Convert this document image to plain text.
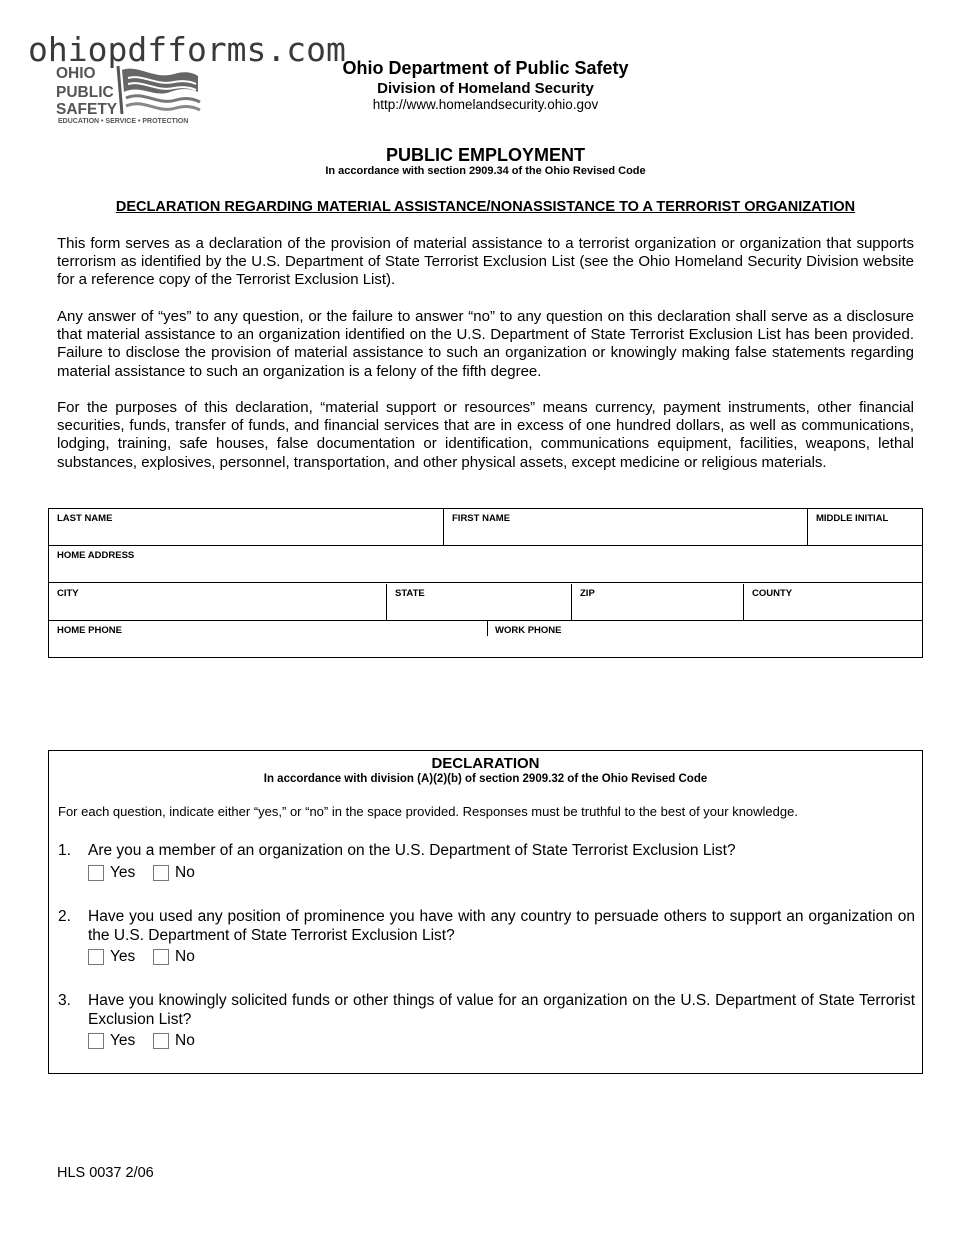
ohiopdfforms.com
OHIO
PUBLIC
SAFETY
EDUCATION • SERVICE • PROTECTION
Ohio Department of Public Safety
Division of Homeland Security
http://www.homelandsecurity.ohio.gov
PUBLIC EMPLOYMENT
In accordance with section 2909.34 of the Ohio Revised Code
DECLARATION REGARDING MATERIAL ASSISTANCE/NONASSISTANCE TO A TERRORIST ORGANIZATION

This form serves as a declaration of the provision of material assistance to a terrorist organization or organization that supports terrorism as identified by the U.S. Department of State Terrorist Exclusion List (see the Ohio Homeland Security Division website for a reference copy of the Terrorist Exclusion List).

Any answer of “yes” to any question, or the failure to answer “no” to any question on this declaration shall serve as a disclosure that material assistance to an organization identified on the U.S. Department of State Terrorist Exclusion List has been provided. Failure to disclose the provision of material assistance to such an organization or knowingly making false statements regarding material assistance to such an organization is a felony of the fifth degree.

For the purposes of this declaration, “material support or resources” means currency, payment instruments, other financial securities, funds, transfer of funds, and financial services that are in excess of one hundred dollars, as well as communications, lodging, training, safe houses, false documentation or identification, communications equipment, facilities, weapons, lethal substances, explosives, personnel, transportation, and other physical assets, except medicine or religious materials.

LAST NAME	FIRST NAME	MIDDLE INITIAL
HOME ADDRESS
CITY	STATE	ZIP	COUNTY
HOME PHONE	WORK PHONE
DECLARATION
In accordance with division (A)(2)(b) of section 2909.32 of the Ohio Revised Code
For each question, indicate either “yes,” or “no” in the space provided. Responses must be truthful to the best of your knowledge.
1. Are you a member of an organization on the U.S. Department of State Terrorist Exclusion List?
Yes	No
2. Have you used any position of prominence you have with any country to persuade others to support an organization on the U.S. Department of State Terrorist Exclusion List?
Yes	No
3. Have you knowingly solicited funds or other things of value for an organization on the U.S. Department of State Terrorist Exclusion List?
Yes	No
HLS 0037 2/06
